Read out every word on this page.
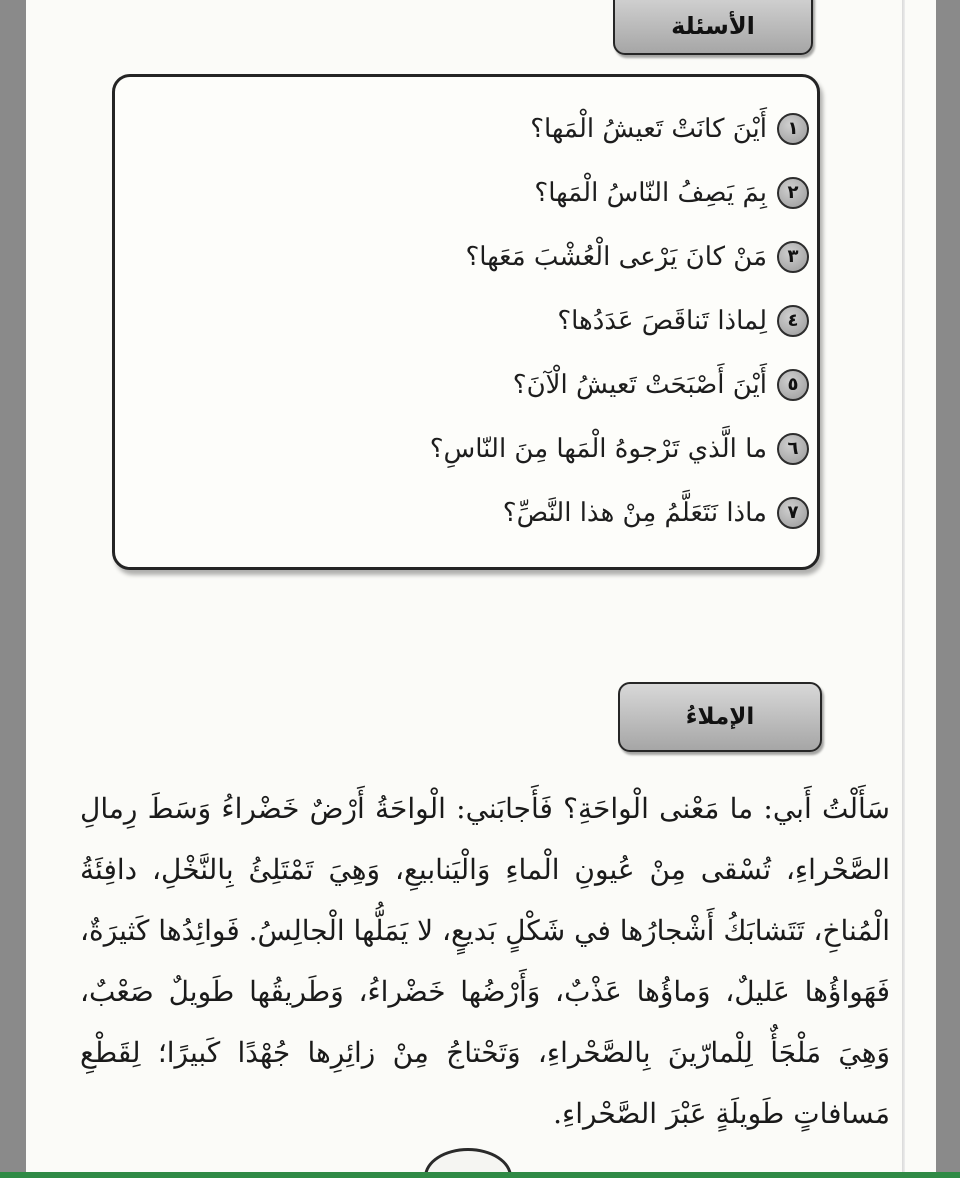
الأسئلة
١
أَيْنَ كانَتْ تَعيشُ الْمَها؟
٢
بِمَ يَصِفُ النّاسُ الْمَها؟
٣
مَنْ كانَ يَرْعى الْعُشْبَ مَعَها؟
٤
لِماذا تَناقَصَ عَدَدُها؟
٥
أَيْنَ أَصْبَحَتْ تَعيشُ الْآنَ؟
٦
ما الَّذي تَرْجوهُ الْمَها مِنَ النّاسِ؟
٧
ماذا نَتَعَلَّمُ مِنْ هذا النَّصِّ؟
الإملاءُ

سَأَلْتُ أَبي: ما مَعْنى الْواحَةِ؟ فَأَجابَني: الْواحَةُ أَرْضٌ خَضْراءُ وَسَطَ رِمالِ الصَّحْراءِ، تُسْقى مِنْ عُيونِ الْماءِ وَالْيَنابيعِ، وَهِيَ تَمْتَلِئُ بِالنَّخْلِ، دافِئَةُ الْمُناخِ، تَتَشابَكُ أَشْجارُها في شَكْلٍ بَديعٍ، لا يَمَلُّها الْجالِسُ. فَوائِدُها كَثيرَةٌ، فَهَواؤُها عَليلٌ، وَماؤُها عَذْبٌ، وَأَرْضُها خَضْراءُ، وَطَريقُها طَويلٌ صَعْبٌ، وَهِيَ مَلْجَأٌ لِلْمارّينَ بِالصَّحْراءِ، وَتَحْتاجُ مِنْ زائِرِها جُهْدًا كَبيرًا؛ لِقَطْعِ مَسافاتٍ طَويلَةٍ عَبْرَ الصَّحْراءِ.
